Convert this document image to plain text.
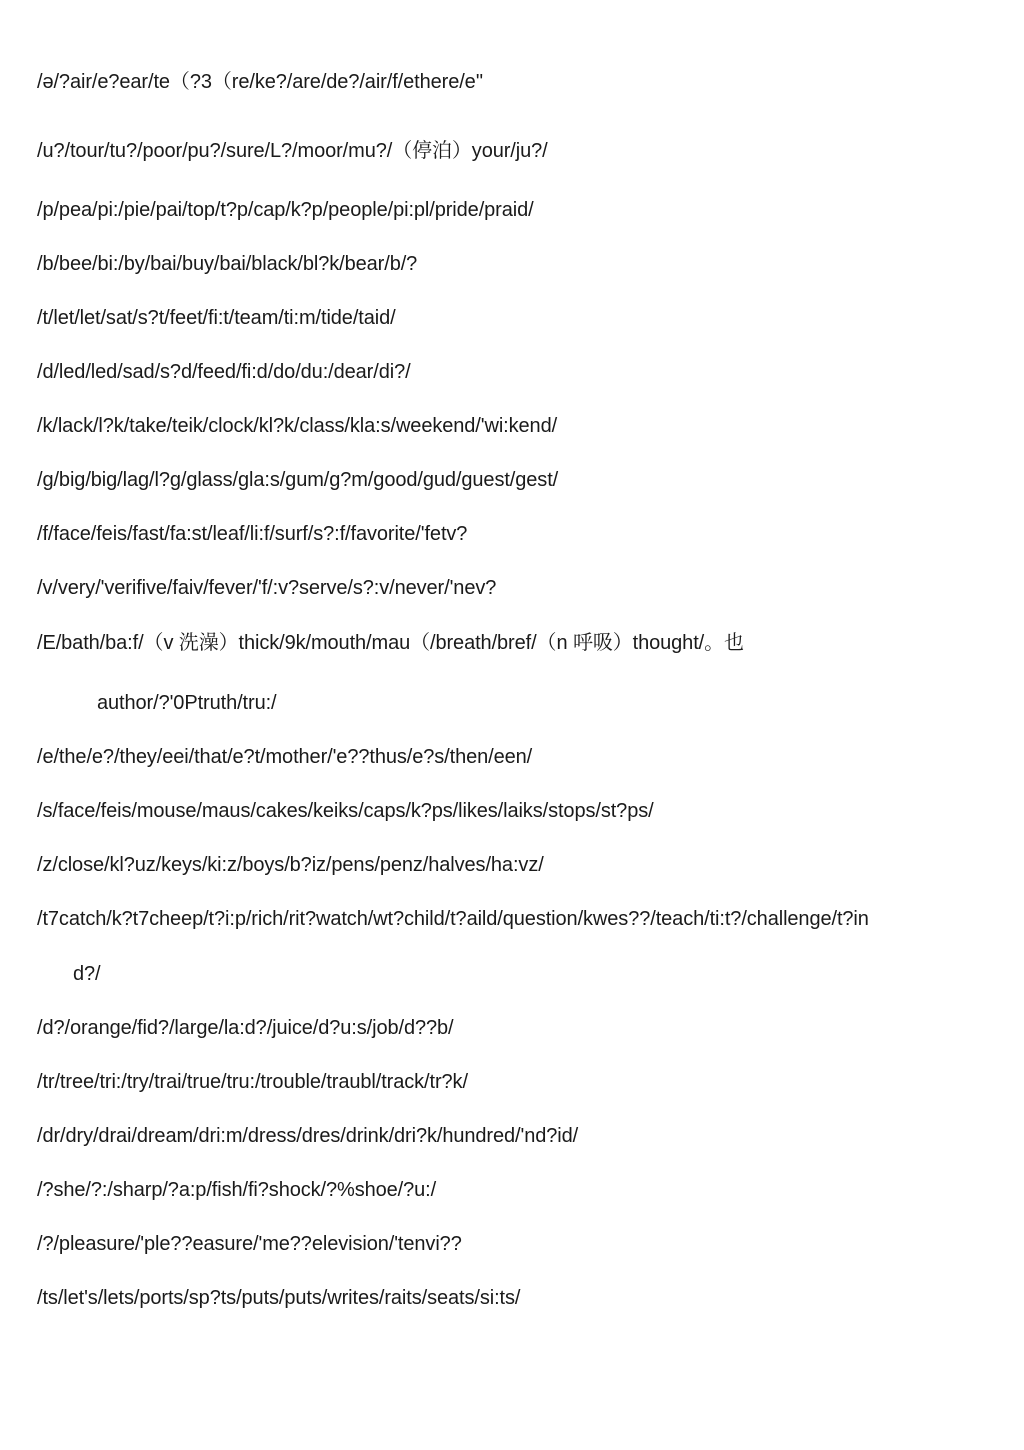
/ə/?air/e?ear/te（?3（re/ke?/are/de?/air/f/ethere/e''
/u?/tour/tu?/poor/pu?/sure/L?/moor/mu?/（停泊）your/ju?/
/p/pea/pi:/pie/pai/top/t?p/cap/k?p/people/pi:pl/pride/praid/
/b/bee/bi:/by/bai/buy/bai/black/bl?k/bear/b/?
/t/let/let/sat/s?t/feet/fi:t/team/ti:m/tide/taid/
/d/led/led/sad/s?d/feed/fi:d/do/du:/dear/di?/
/k/lack/l?k/take/teik/clock/kl?k/class/kla:s/weekend/'wi:kend/
/g/big/big/lag/l?g/glass/gla:s/gum/g?m/good/gud/guest/gest/
/f/face/feis/fast/fa:st/leaf/li:f/surf/s?:f/favorite/'fetv?
/v/very/'verifive/faiv/fever/'f/:v?serve/s?:v/never/'nev?
/E/bath/ba:f/（v 洗澡）thick/9k/mouth/mau（/breath/bref/（n 呼吸）thought/。也
author/?'0Ptruth/tru:/
/e/the/e?/they/eei/that/e?t/mother/'e??thus/e?s/then/een/
/s/face/feis/mouse/maus/cakes/keiks/caps/k?ps/likes/laiks/stops/st?ps/
/z/close/kl?uz/keys/ki:z/boys/b?iz/pens/penz/halves/ha:vz/
/t7catch/k?t7cheep/t?i:p/rich/rit?watch/wt?child/t?aild/question/kwes??/teach/ti:t?/challenge/t?in
d?/
/d?/orange/fid?/large/la:d?/juice/d?u:s/job/d??b/
/tr/tree/tri:/try/trai/true/tru:/trouble/traubl/track/tr?k/
/dr/dry/drai/dream/dri:m/dress/dres/drink/dri?k/hundred/'nd?id/
/?she/?:/sharp/?a:p/fish/fi?shock/?%shoe/?u:/
/?/pleasure/'ple??easure/'me??elevision/'tenvi??
/ts/let's/lets/ports/sp?ts/puts/puts/writes/raits/seats/si:ts/
